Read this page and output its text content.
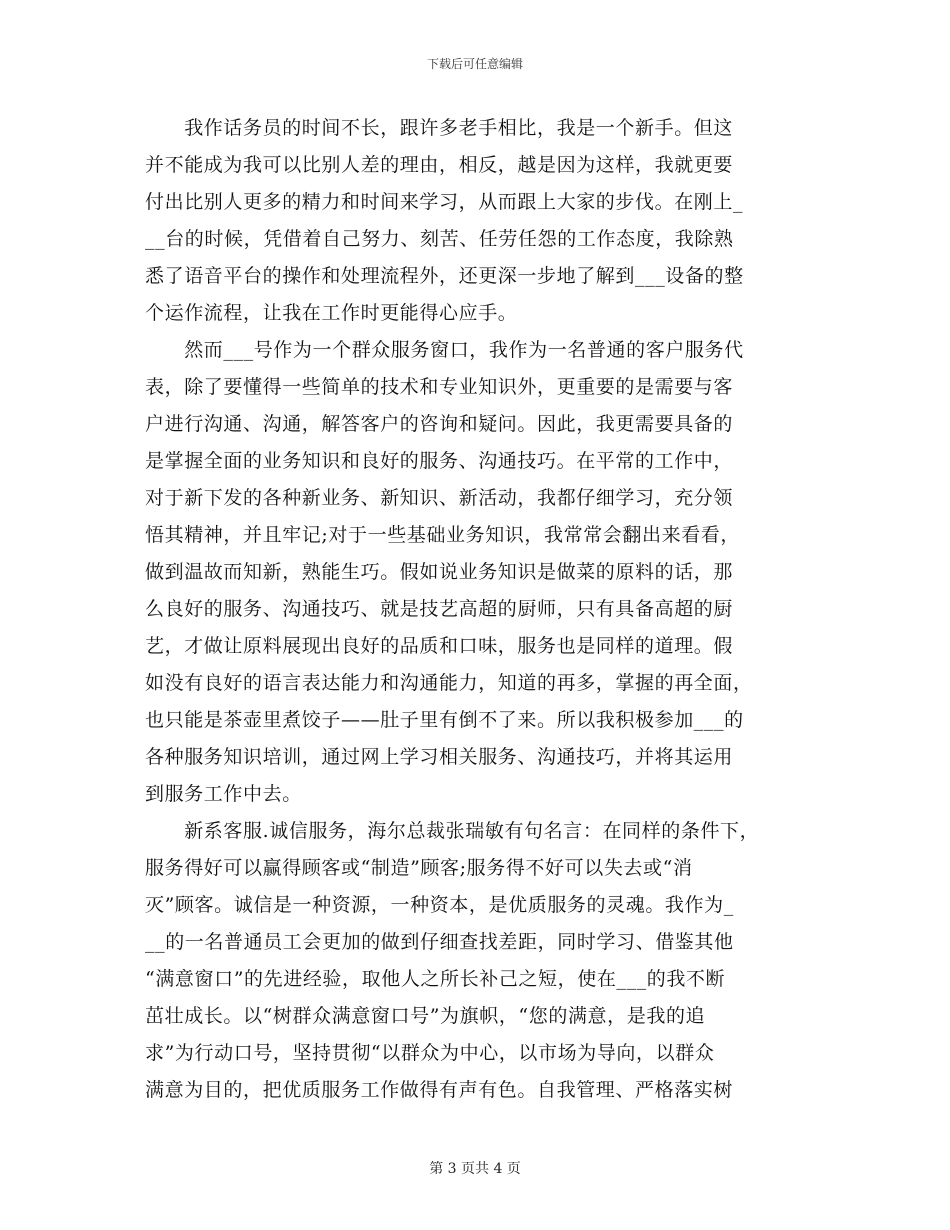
下载后可任意编辑
　　我作话务员的时间不长，跟许多老手相比，我是一个新手。但这
并不能成为我可以比别人差的理由，相反，越是因为这样，我就更要
付出比别人更多的精力和时间来学习，从而跟上大家的步伐。在刚上_
__台的时候，凭借着自己努力、刻苦、任劳任怨的工作态度，我除熟
悉了语音平台的操作和处理流程外，还更深一步地了解到___设备的整
个运作流程，让我在工作时更能得心应手。
　　然而___号作为一个群众服务窗口，我作为一名普通的客户服务代
表，除了要懂得一些简单的技术和专业知识外，更重要的是需要与客
户进行沟通、沟通，解答客户的咨询和疑问。因此，我更需要具备的
是掌握全面的业务知识和良好的服务、沟通技巧。在平常的工作中，
对于新下发的各种新业务、新知识、新活动，我都仔细学习，充分领
悟其精神，并且牢记;对于一些基础业务知识，我常常会翻出来看看，
做到温故而知新，熟能生巧。假如说业务知识是做菜的原料的话，那
么良好的服务、沟通技巧、就是技艺高超的厨师，只有具备高超的厨
艺，才做让原料展现出良好的品质和口味，服务也是同样的道理。假
如没有良好的语言表达能力和沟通能力，知道的再多，掌握的再全面，
也只能是茶壶里煮饺子——肚子里有倒不了来。所以我积极参加___的
各种服务知识培训，通过网上学习相关服务、沟通技巧，并将其运用
到服务工作中去。
　　新系客服.诚信服务，海尔总裁张瑞敏有句名言：在同样的条件下，
服务得好可以赢得顾客或“制造”顾客;服务得不好可以失去或“消
灭”顾客。诚信是一种资源，一种资本，是优质服务的灵魂。我作为_
__的一名普通员工会更加的做到仔细查找差距，同时学习、借鉴其他
“满意窗口”的先进经验，取他人之所长补己之短，使在___的我不断
茁壮成长。以“树群众满意窗口号”为旗帜，“您的满意，是我的追
求”为行动口号，坚持贯彻“以群众为中心，以市场为导向，以群众
满意为目的，把优质服务工作做得有声有色。自我管理、严格落实树
第 3 页共 4 页
